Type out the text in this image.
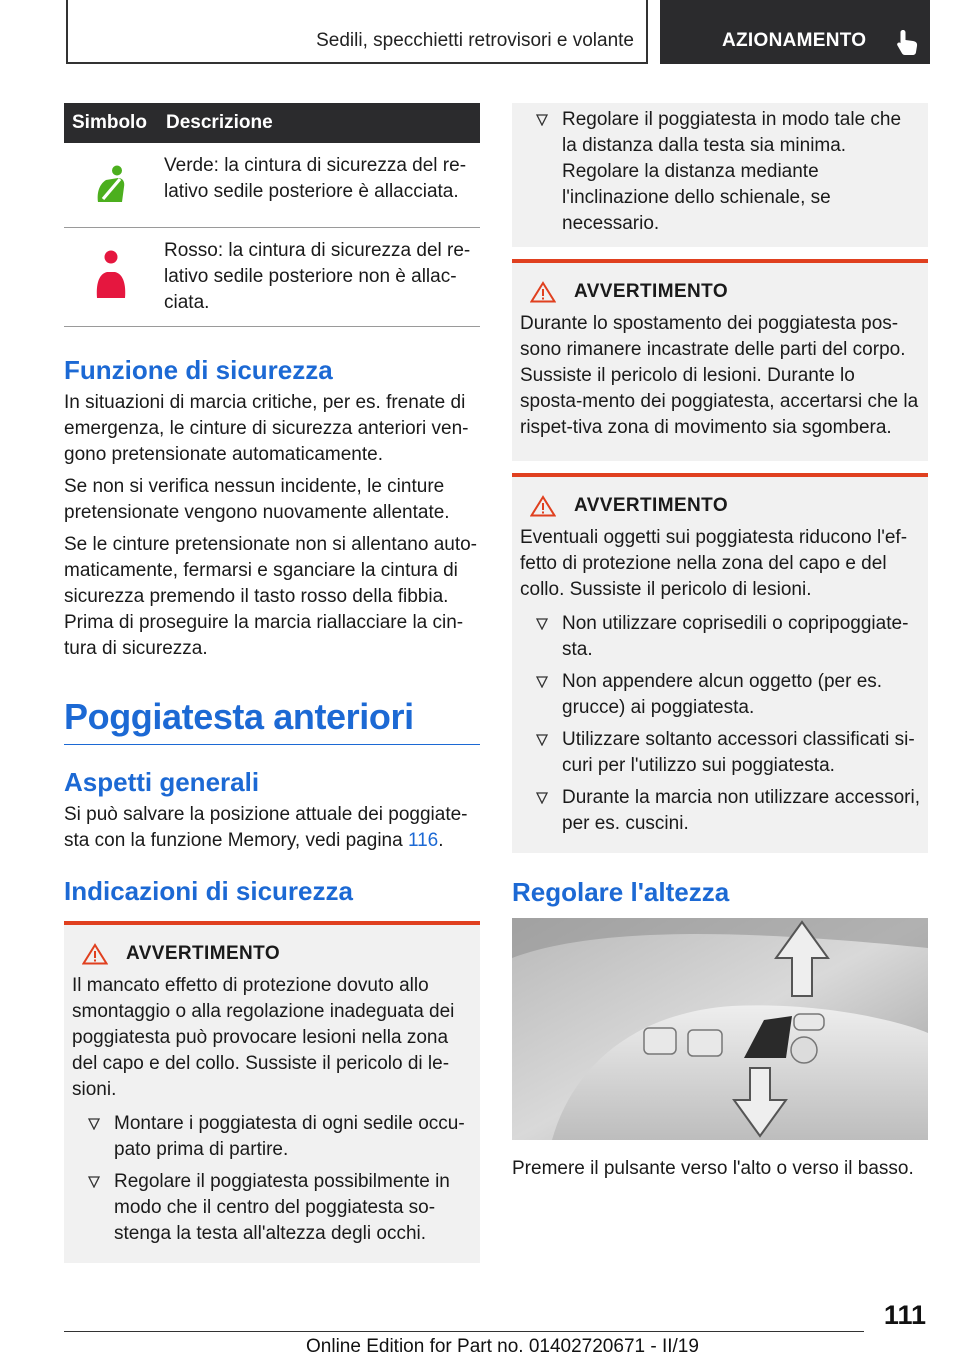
Sedili, specchietti retrovisori e volante	AZIONAMENTO
Simbolo	Descrizione
	Verde: la cintura di sicurezza del re-lativo sedile posteriore è allacciata.
	Rosso: la cintura di sicurezza del re-lativo sedile posteriore non è allac-ciata.
Funzione di sicurezza
In situazioni di marcia critiche, per es. frenate di emergenza, le cinture di sicurezza anteriori ven-gono pretensionate automaticamente.
Se non si verifica nessun incidente, le cinture pretensionate vengono nuovamente allentate.
Se le cinture pretensionate non si allentano auto-maticamente, fermarsi e sganciare la cintura di sicurezza premendo il tasto rosso della fibbia. Prima di proseguire la marcia riallacciare la cin-tura di sicurezza.
Poggiatesta anteriori
Aspetti generali
Si può salvare la posizione attuale dei poggiate-sta con la funzione Memory, vedi pagina 116.
Indicazioni di sicurezza
AVVERTIMENTO
Il mancato effetto di protezione dovuto allo smontaggio o alla regolazione inadeguata dei poggiatesta può provocare lesioni nella zona del capo e del collo. Sussiste il pericolo di le-sioni.
Montare i poggiatesta di ogni sedile occu-pato prima di partire.
Regolare il poggiatesta possibilmente in modo che il centro del poggiatesta so-stenga la testa all'altezza degli occhi.
Regolare il poggiatesta in modo tale che la distanza dalla testa sia minima. Regolare la distanza mediante l'inclinazione dello schienale, se necessario.
AVVERTIMENTO
Durante lo spostamento dei poggiatesta pos-sono rimanere incastrate delle parti del corpo. Sussiste il pericolo di lesioni. Durante lo sposta-mento dei poggiatesta, accertarsi che la rispet-tiva zona di movimento sia sgombera.
AVVERTIMENTO
Eventuali oggetti sui poggiatesta riducono l'ef-fetto di protezione nella zona del capo e del collo. Sussiste il pericolo di lesioni.
Non utilizzare coprisedili o copripoggiate-sta.
Non appendere alcun oggetto (per es. grucce) ai poggiatesta.
Utilizzare soltanto accessori classificati si-curi per l'utilizzo sui poggiatesta.
Durante la marcia non utilizzare accessori, per es. cuscini.
Regolare l'altezza
Premere il pulsante verso l'alto o verso il basso.
111
Online Edition for Part no. 01402720671 - II/19
